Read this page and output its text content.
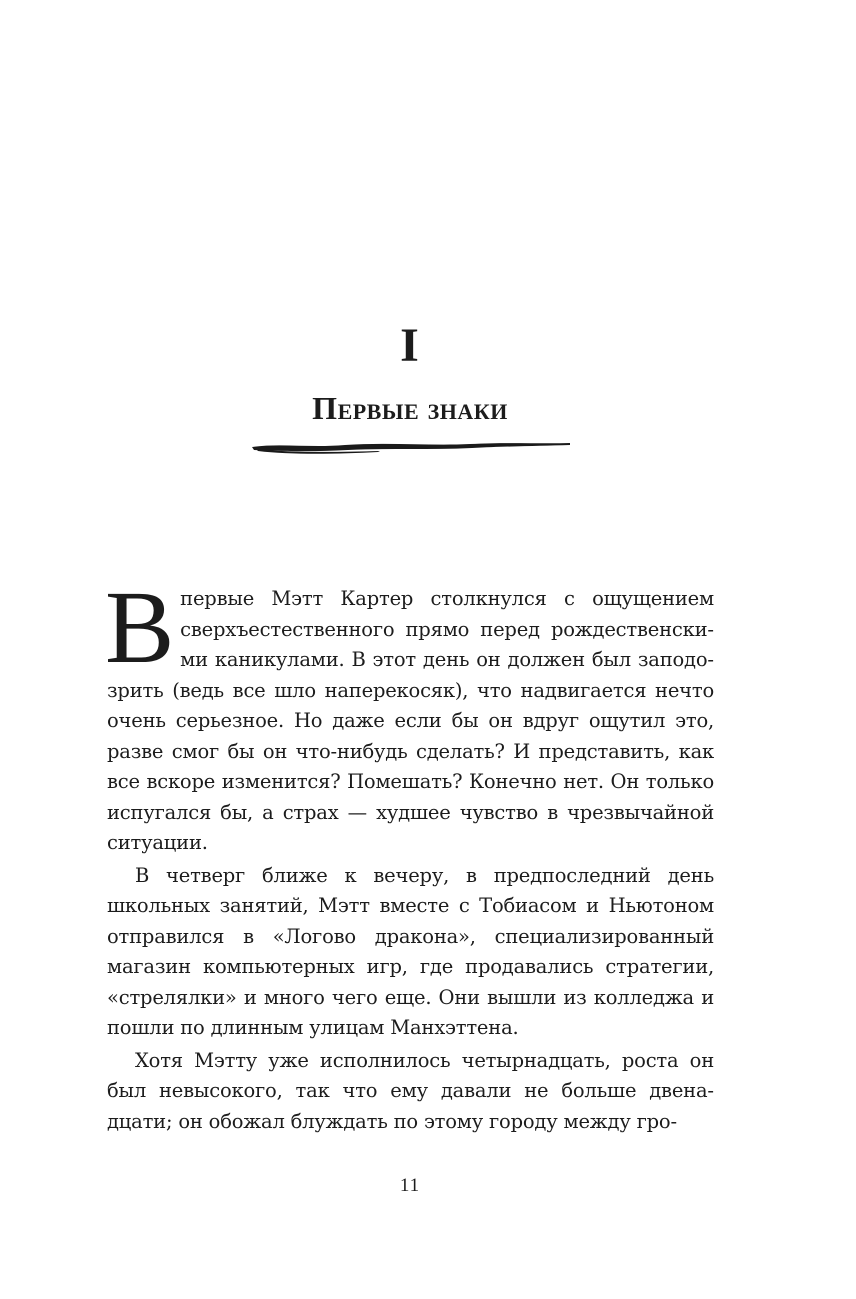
I
Первые знаки

Впервые Мэтт Картер столкнулся с ощущением сверхъестественного прямо перед рождественскими каникулами. В этот день он должен был заподозрить (ведь все шло наперекосяк), что надвигается нечто очень серьезное. Но даже если бы он вдруг ощутил это, разве смог бы он что-нибудь сделать? И представить, как все вскоре изменится? Помешать? Конечно нет. Он только испугался бы, а страх — худшее чувство в чрезвычайной ситуации.

В четверг ближе к вечеру, в предпоследний день школьных занятий, Мэтт вместе с Тобиасом и Ньютоном отправился в «Логово дракона», специализированный магазин компьютерных игр, где продавались стратегии, «стрелялки» и много чего еще. Они вышли из колледжа и пошли по длинным улицам Манхэттена.

Хотя Мэтту уже исполнилось четырнадцать, роста он был невысокого, так что ему давали не больше двенадцати; он обожал блуждать по этому городу между гро-

11
